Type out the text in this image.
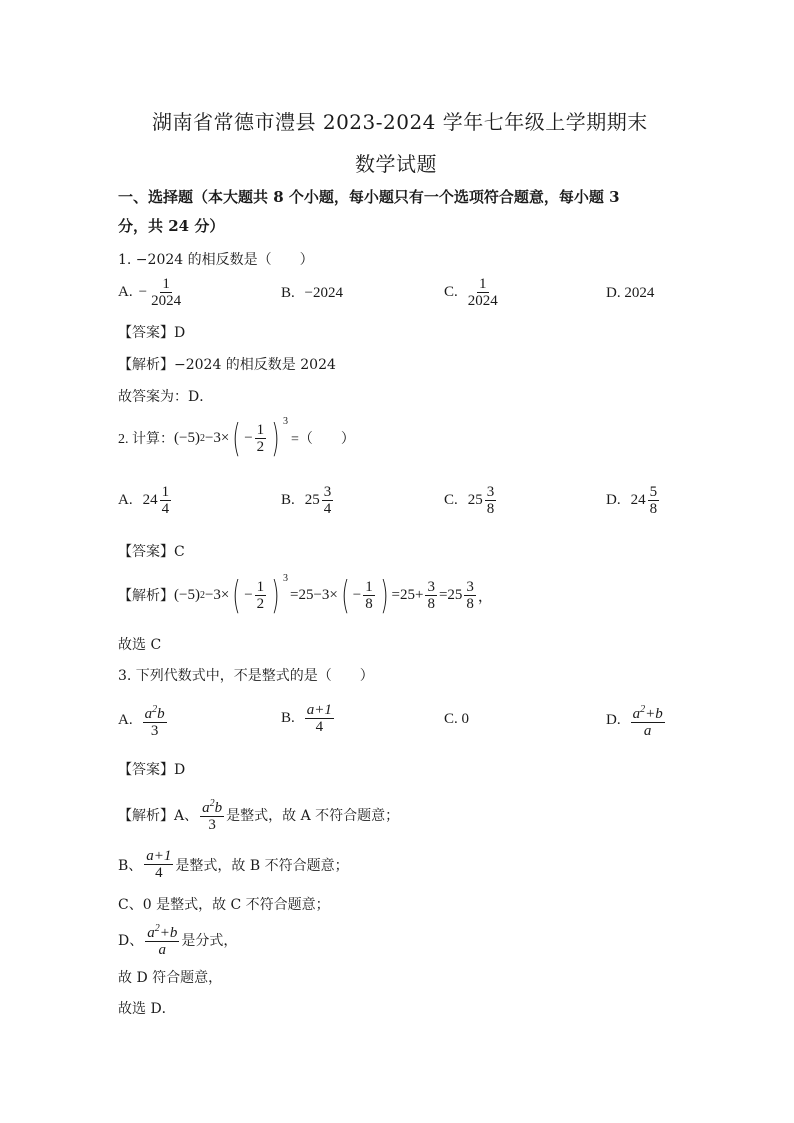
湖南省常德市澧县 2023-2024 学年七年级上学期期末
数学试题
一、选择题（本大题共 8 个小题，每小题只有一个选项符合题意，每小题 3
分，共 24 分）
1. −2024 的相反数是（　　）
A. − $\frac{1}{2024}$	B. −2024	C. $\frac{1}{2024}$	D. 2024
【答案】D
【解析】−2024 的相反数是 2024
故答案为：D．
2. 计算： (−5) 2 −3× ( − $\frac{1}{2}$ ) $^3$
=（　　）
A. $24 \frac{1}{4}$	B. $25 \frac{3}{4}$	C. $25 \frac{3}{8}$	D. $24 \frac{5}{8}$
【答案】C
【解析】 (−5) 2 −3× ( − $\frac{1}{2}$ ) $^3$
=25−3× ( − $\frac{1}{8}$ ) $=25+ \frac{3}{8} =25 \frac{3}{8}$ ，
故选 C
3. 下列代数式中，不是整式的是（　　）
A. $\frac{a^2b}{3}$	B. $\frac{a+1}{4}$	C. 0	D. $\frac{a^2+b}{a}$
【答案】D
【解析】A、 $\frac{a^2b}{3}$ 是整式，故 A 不符合题意；
B、 $\frac{a+1}{4}$ 是整式，故 B 不符合题意；
C、0 是整式，故 C 不符合题意；
D、 $\frac{a^2+b}{a}$ 是分式，
故 D 符合题意，
故选 D．
